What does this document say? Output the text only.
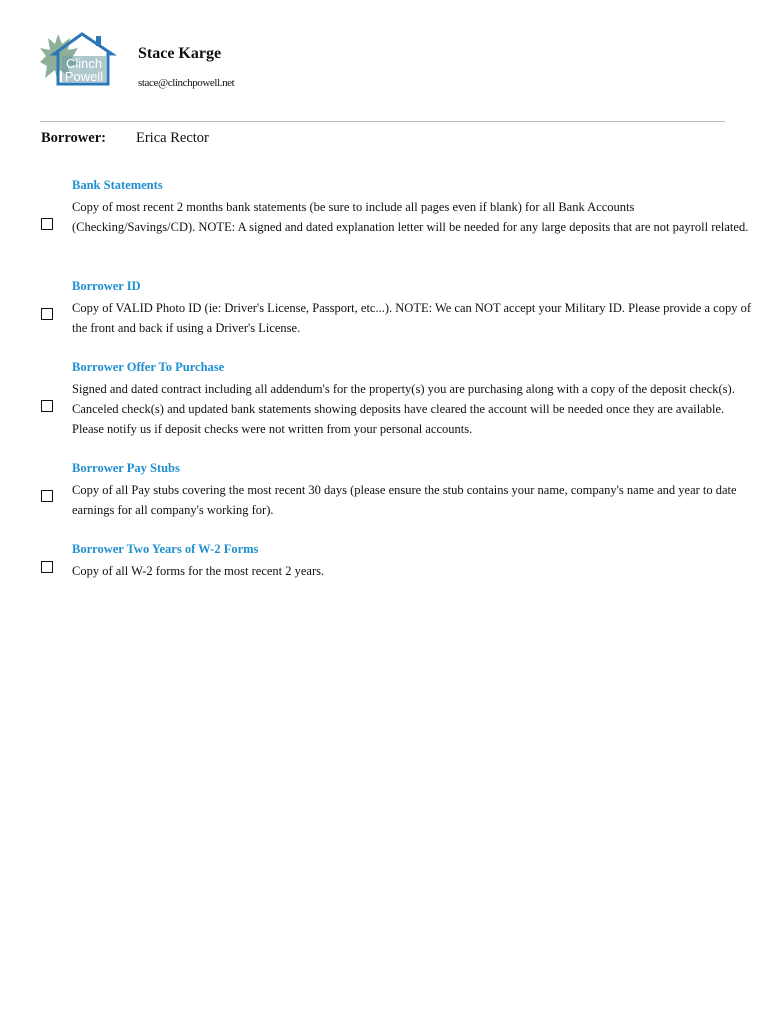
Clinch
Powell
Stace Karge
stace@clinchpowell.net
Borrower: Erica Rector
Bank Statements
Copy of most recent 2 months bank statements (be sure to include all pages even if blank) for all Bank Accounts (Checking/Savings/CD). NOTE: A signed and dated explanation letter will be needed for any large deposits that are not payroll related.
Borrower ID
Copy of VALID Photo ID (ie: Driver's License, Passport, etc...). NOTE: We can NOT accept your Military ID. Please provide a copy of the front and back if using a Driver's License.
Borrower Offer To Purchase
Signed and dated contract including all addendum's for the property(s) you are purchasing along with a copy of the deposit check(s). Canceled check(s) and updated bank statements showing deposits have cleared the account will be needed once they are available. Please notify us if deposit checks were not written from your personal accounts.
Borrower Pay Stubs
Copy of all Pay stubs covering the most recent 30 days (please ensure the stub contains your name, company's name and year to date earnings for all company's working for).
Borrower Two Years of W-2 Forms
Copy of all W-2 forms for the most recent 2 years.
